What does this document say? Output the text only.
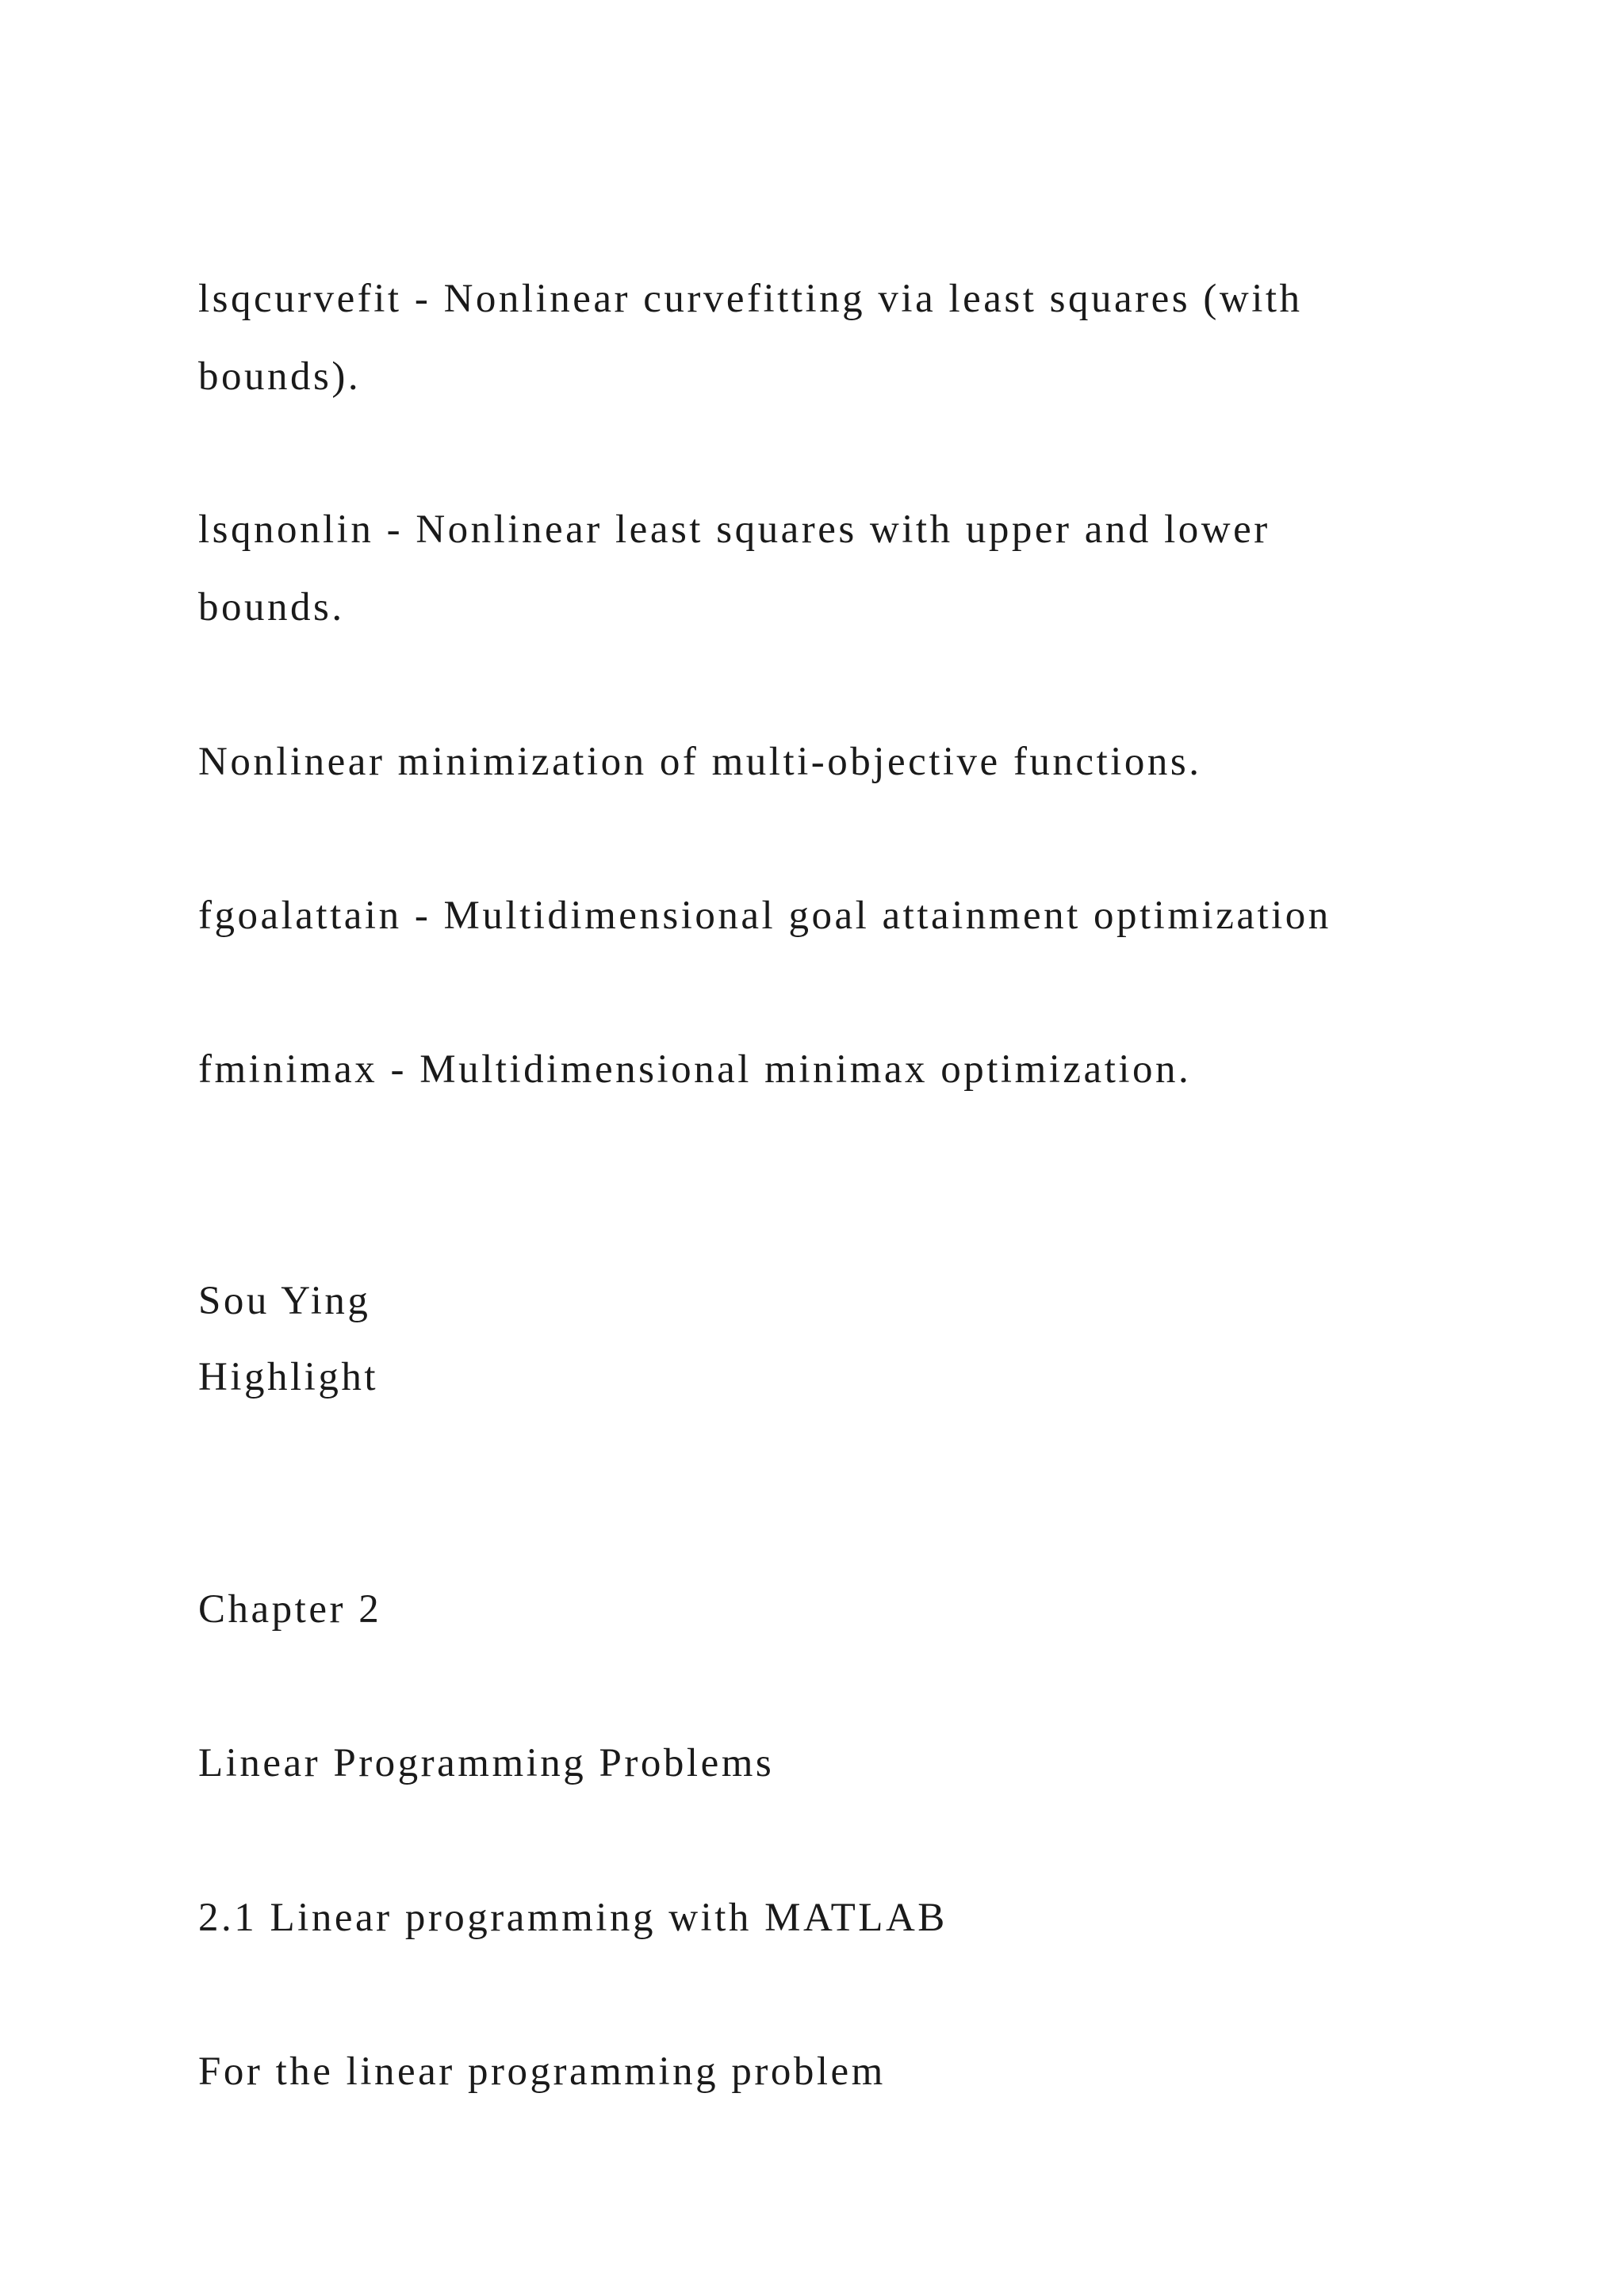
lsqcurvefit - Nonlinear curvefitting via least squares (with

bounds).

lsqnonlin - Nonlinear least squares with upper and lower

bounds.

Nonlinear minimization of multi-objective functions.

fgoalattain - Multidimensional goal attainment optimization

fminimax - Multidimensional minimax optimization.

Sou Ying

Highlight

Chapter 2

Linear Programming Problems

2.1 Linear programming with MATLAB

For the linear programming problem
